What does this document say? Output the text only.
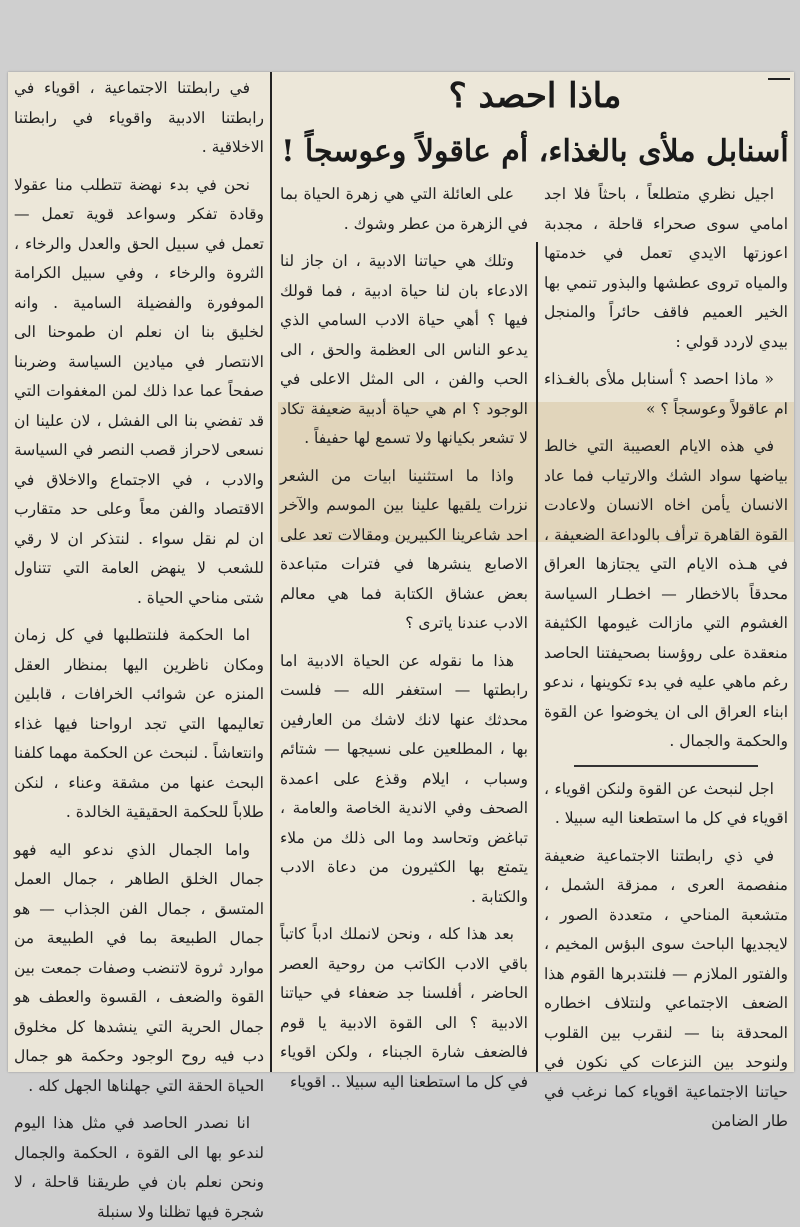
ماذا احصد ؟
أسنابل ملأى بالغذاء، أم عاقولاً وعوسجاً !

اجيل نظري متطلعاً ، باحثاً فلا اجد امامي سوى صحراء قاحلة ، مجدبة اعوزتها الايدي تعمل في خدمتها والمياه تروى عطشها والبذور تنمي بها الخير العميم فاقف حائراً والمنجل بيدي لاردد قولي :

« ماذا احصد ؟ أسنابل ملأى بالغـذاء ام عاقولاً وعوسجاً ؟ »

في هذه الايام العصيبة التي خالط بياضها سواد الشك والارتياب فما عاد الانسان يأمن اخاه الانسان ولاعادت القوة القاهرة ترأف بالوداعة الضعيفة ، في هـذه الايام التي يجتازها العراق محدقاً بالاخطار — اخطـار السياسة الغشوم التي مازالت غيومها الكثيفة منعقدة على روؤسنا بصحيفتنا الحاصد رغم ماهي عليه في بدء تكوينها ، ندعو ابناء العراق الى ان يخوضوا عن القوة والحكمة والجمال .

اجل لنبحث عن القوة ولنكن اقوياء ، اقوياء في كل ما استطعنا اليه سبيلا .

في ذي رابطتنا الاجتماعية ضعيفة منفصمة العرى ، ممزقة الشمل ، متشعبة المناحي ، متعددة الصور ، لايجديها الباحث سوى البؤس المخيم ، والفتور الملازم — فلنتدبرها القوم هذا الضعف الاجتماعي ولنتلاف اخطاره المحدقة بنا — لنقرب بين القلوب ولنوحد بين النزعات كي نكون في حياتنا الاجتماعية اقوياء كما نرغب في طار الضامن

على العائلة التي هي زهرة الحياة بما في الزهرة من عطر وشوك .

وتلك هي حياتنا الادبية ، ان جاز لنا الادعاء بان لنا حياة ادبية ، فما قولك فيها ؟ أهي حياة الادب السامي الذي يدعو الناس الى العظمة والحق ، الى الحب والفن ، الى المثل الاعلى في الوجود ؟ ام هي حياة أدبية ضعيفة تكاد لا تشعر بكيانها ولا تسمع لها حفيفاً .

واذا ما استثنينا ابيات من الشعر نزرات يلقيها علينا بين الموسم والآخر احد شاعرينا الكبيرين ومقالات تعد على الاصابع ينشرها في فترات متباعدة بعض عشاق الكتابة فما هي معالم الادب عندنا ياترى ؟

هذا ما نقوله عن الحياة الادبية اما رابطتها — استغفر الله — فلست محدثك عنها لانك لاشك من العارفين بها ، المطلعين على نسيجها — شتائم وسباب ، ايلام وقذع على اعمدة الصحف وفي الاندية الخاصة والعامة ، تباغض وتحاسد وما الى ذلك من ملاء يتمتع بها الكثيرون من دعاة الادب والكتابة .

بعد هذا كله ، ونحن لانملك ادباً كاتباً باقي الادب الكاتب من روحية العصر الحاضر ، أفلسنا جد ضعفاء في حياتنا الادبية ؟ الى القوة الادبية يا قوم فالضعف شارة الجبناء ، ولكن اقوياء في كل ما استطعنا اليه سبيلا .. اقوياء

في رابطتنا الاجتماعية ، اقوياء في رابطتنا الادبية واقوياء في رابطتنا الاخلاقية .

نحن في بدء نهضة تتطلب منا عقولا وقادة تفكر وسواعد قوية تعمل — تعمل في سبيل الحق والعدل والرخاء ، الثروة والرخاء ، وفي سبيل الكرامة الموفورة والفضيلة السامية . وانه لخليق بنا ان نعلم ان طموحنا الى الانتصار في ميادين السياسة وضربنا صفحاً عما عدا ذلك لمن المغفوات التي قد تفضي بنا الى الفشل ، لان علينا ان نسعى لاحراز قصب النصر في السياسة والادب ، في الاجتماع والاخلاق في الاقتصاد والفن معاً وعلى حد متقارب ان لم نقل سواء . لنتذكر ان لا رقي للشعب لا ينهض العامة التي تتناول شتى مناحي الحياة .

اما الحكمة فلنتطلبها في كل زمان ومكان ناظرين اليها بمنظار العقل المنزه عن شوائب الخرافات ، قابلين تعاليمها التي تجد ارواحنا فيها غذاء وانتعاشاً . لنبحث عن الحكمة مهما كلفنا البحث عنها من مشقة وعناء ، لنكن طلاباً للحكمة الحقيقية الخالدة .

واما الجمال الذي ندعو اليه فهو جمال الخلق الطاهر ، جمال العمل المتسق ، جمال الفن الجذاب — هو جمال الطبيعة بما في الطبيعة من موارد ثروة لاتنضب وصفات جمعت بين القوة والضعف ، القسوة والعطف هو جمال الحرية التي ينشدها كل مخلوق دب فيه روح الوجود وحكمة هو جمال الحياة الحقة التي جهلناها الجهل كله .

انا نصدر الحاصد في مثل هذا اليوم لندعو بها الى القوة ، الحكمة والجمال ونحن نعلم بان في طريقنا قاحلة ، لا شجرة فيها تظلنا ولا سنبلة
